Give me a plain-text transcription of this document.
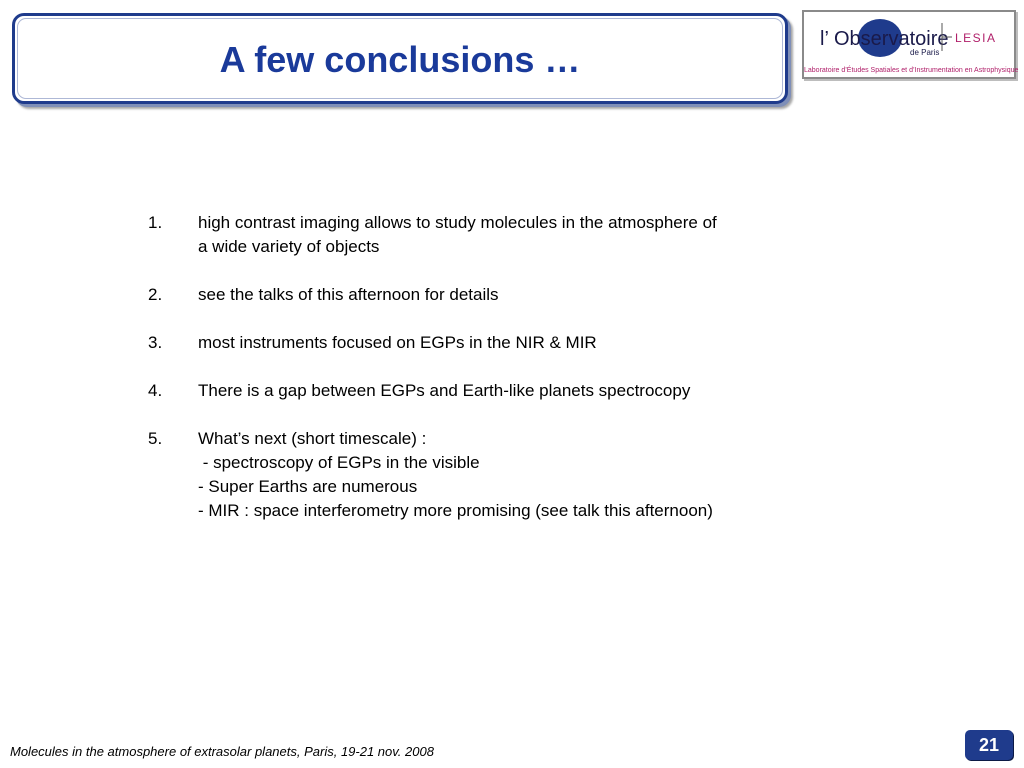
A few conclusions …	l’ Observatoire
de Paris
LESIA
Laboratoire d’Études Spatiales et d’Instrumentation en Astrophysique
1. high contrast imaging allows to study molecules in the atmosphere of
a wide variety of objects
2. see the talks of this afternoon for details
3. most instruments focused on EGPs in the NIR & MIR
4. There is a gap between EGPs and Earth-like planets spectrocopy
5. What’s next (short timescale) :
- spectroscopy of EGPs in the visible
- Super Earths are numerous
- MIR : space interferometry more promising (see talk this afternoon)
Molecules in the atmosphere of extrasolar planets, Paris, 19-21 nov. 2008	21
